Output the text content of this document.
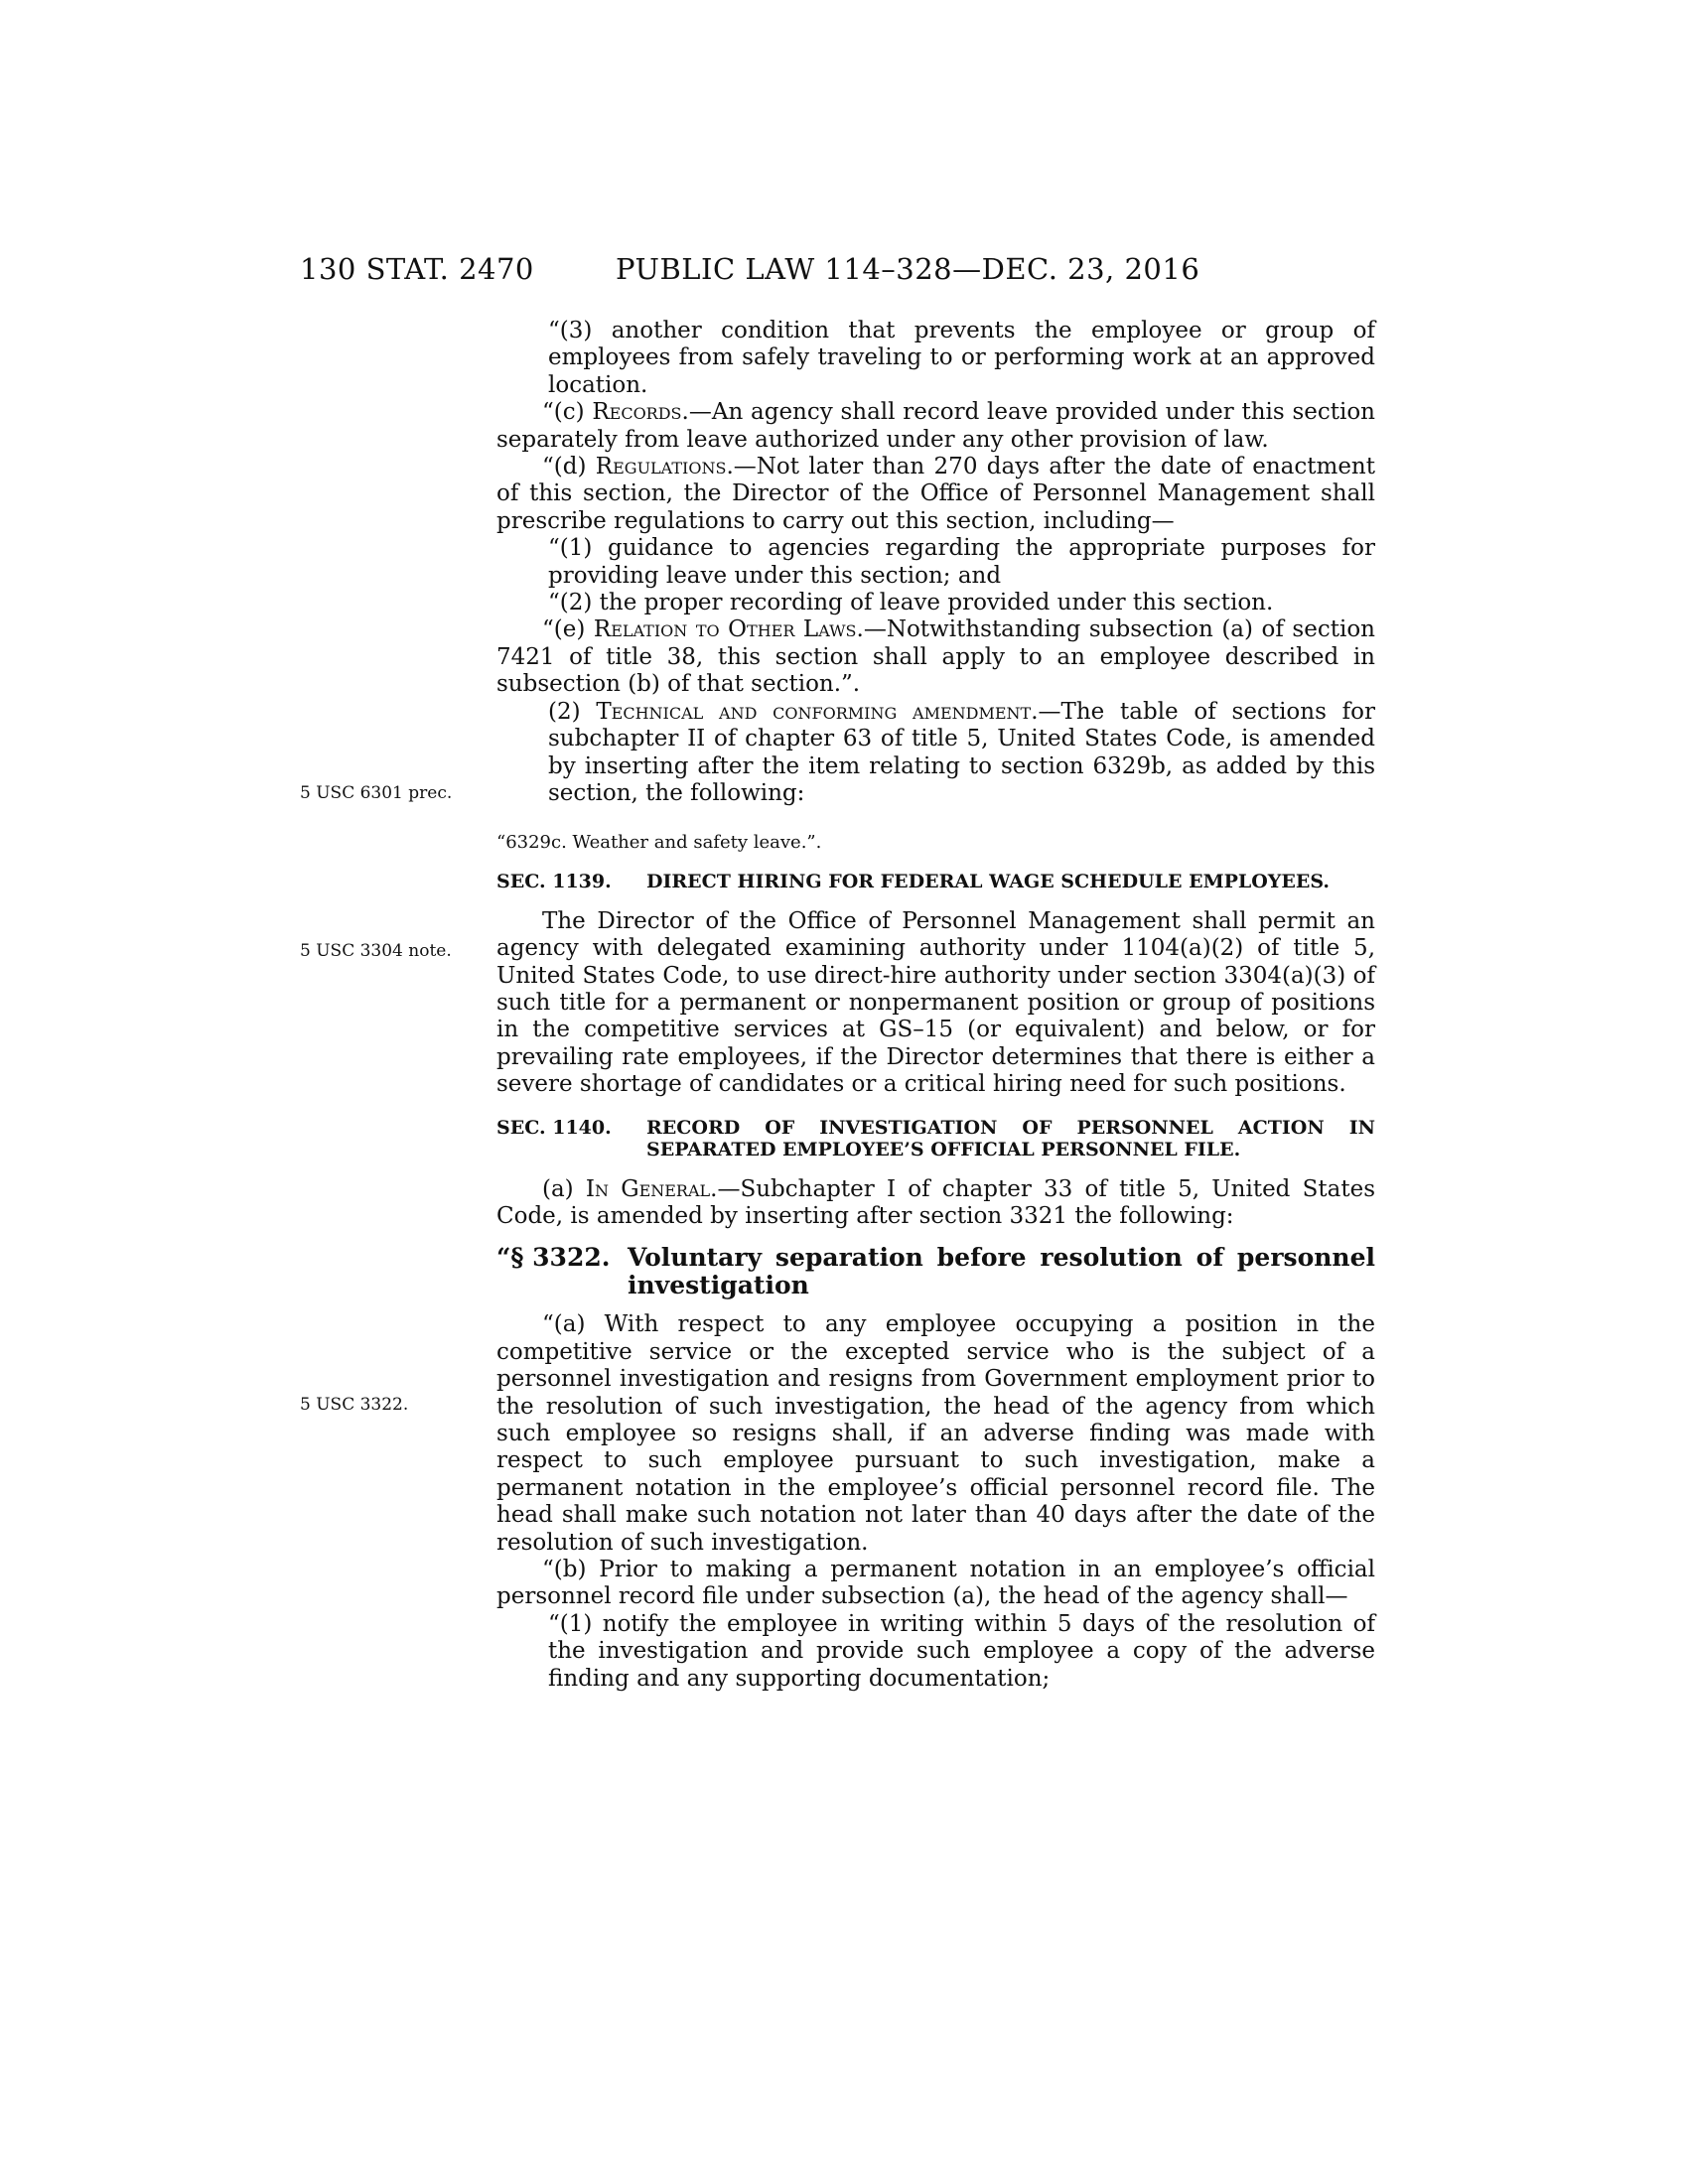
130 STAT. 2470	PUBLIC LAW 114–328—DEC. 23, 2016
5 USC 6301 prec.
5 USC 3304 note.
5 USC 3322.

“(3) another condition that prevents the employee or group of employees from safely traveling to or performing work at an approved location.

“(c) Records.—An agency shall record leave provided under this section separately from leave authorized under any other provision of law.

“(d) Regulations.—Not later than 270 days after the date of enactment of this section, the Director of the Office of Personnel Management shall prescribe regulations to carry out this section, including—

“(1) guidance to agencies regarding the appropriate purposes for providing leave under this section; and

“(2) the proper recording of leave provided under this section.

“(e) Relation to Other Laws.—Notwithstanding subsection (a) of section 7421 of title 38, this section shall apply to an employee described in subsection (b) of that section.”.

(2) Technical and conforming amendment.—The table of sections for subchapter II of chapter 63 of title 5, United States Code, is amended by inserting after the item relating to section 6329b, as added by this section, the following:

“6329c. Weather and safety leave.”.

SEC. 1139.	DIRECT HIRING FOR FEDERAL WAGE SCHEDULE EMPLOYEES.

The Director of the Office of Personnel Management shall permit an agency with delegated examining authority under 1104(a)(2) of title 5, United States Code, to use direct-hire authority under section 3304(a)(3) of such title for a permanent or nonpermanent position or group of positions in the competitive services at GS–15 (or equivalent) and below, or for prevailing rate employees, if the Director determines that there is either a severe shortage of candidates or a critical hiring need for such positions.

SEC. 1140.	RECORD OF INVESTIGATION OF PERSONNEL ACTION IN SEPARATED EMPLOYEE’S OFFICIAL PERSONNEL FILE.

(a) In General.—Subchapter I of chapter 33 of title 5, United States Code, is amended by inserting after section 3321 the following:

“§ 3322. Voluntary separation before resolution of personnel investigation

“(a) With respect to any employee occupying a position in the competitive service or the excepted service who is the subject of a personnel investigation and resigns from Government employment prior to the resolution of such investigation, the head of the agency from which such employee so resigns shall, if an adverse finding was made with respect to such employee pursuant to such investigation, make a permanent notation in the employee’s official personnel record file. The head shall make such notation not later than 40 days after the date of the resolution of such investigation.

“(b) Prior to making a permanent notation in an employee’s official personnel record file under subsection (a), the head of the agency shall—

“(1) notify the employee in writing within 5 days of the resolution of the investigation and provide such employee a copy of the adverse finding and any supporting documentation;
